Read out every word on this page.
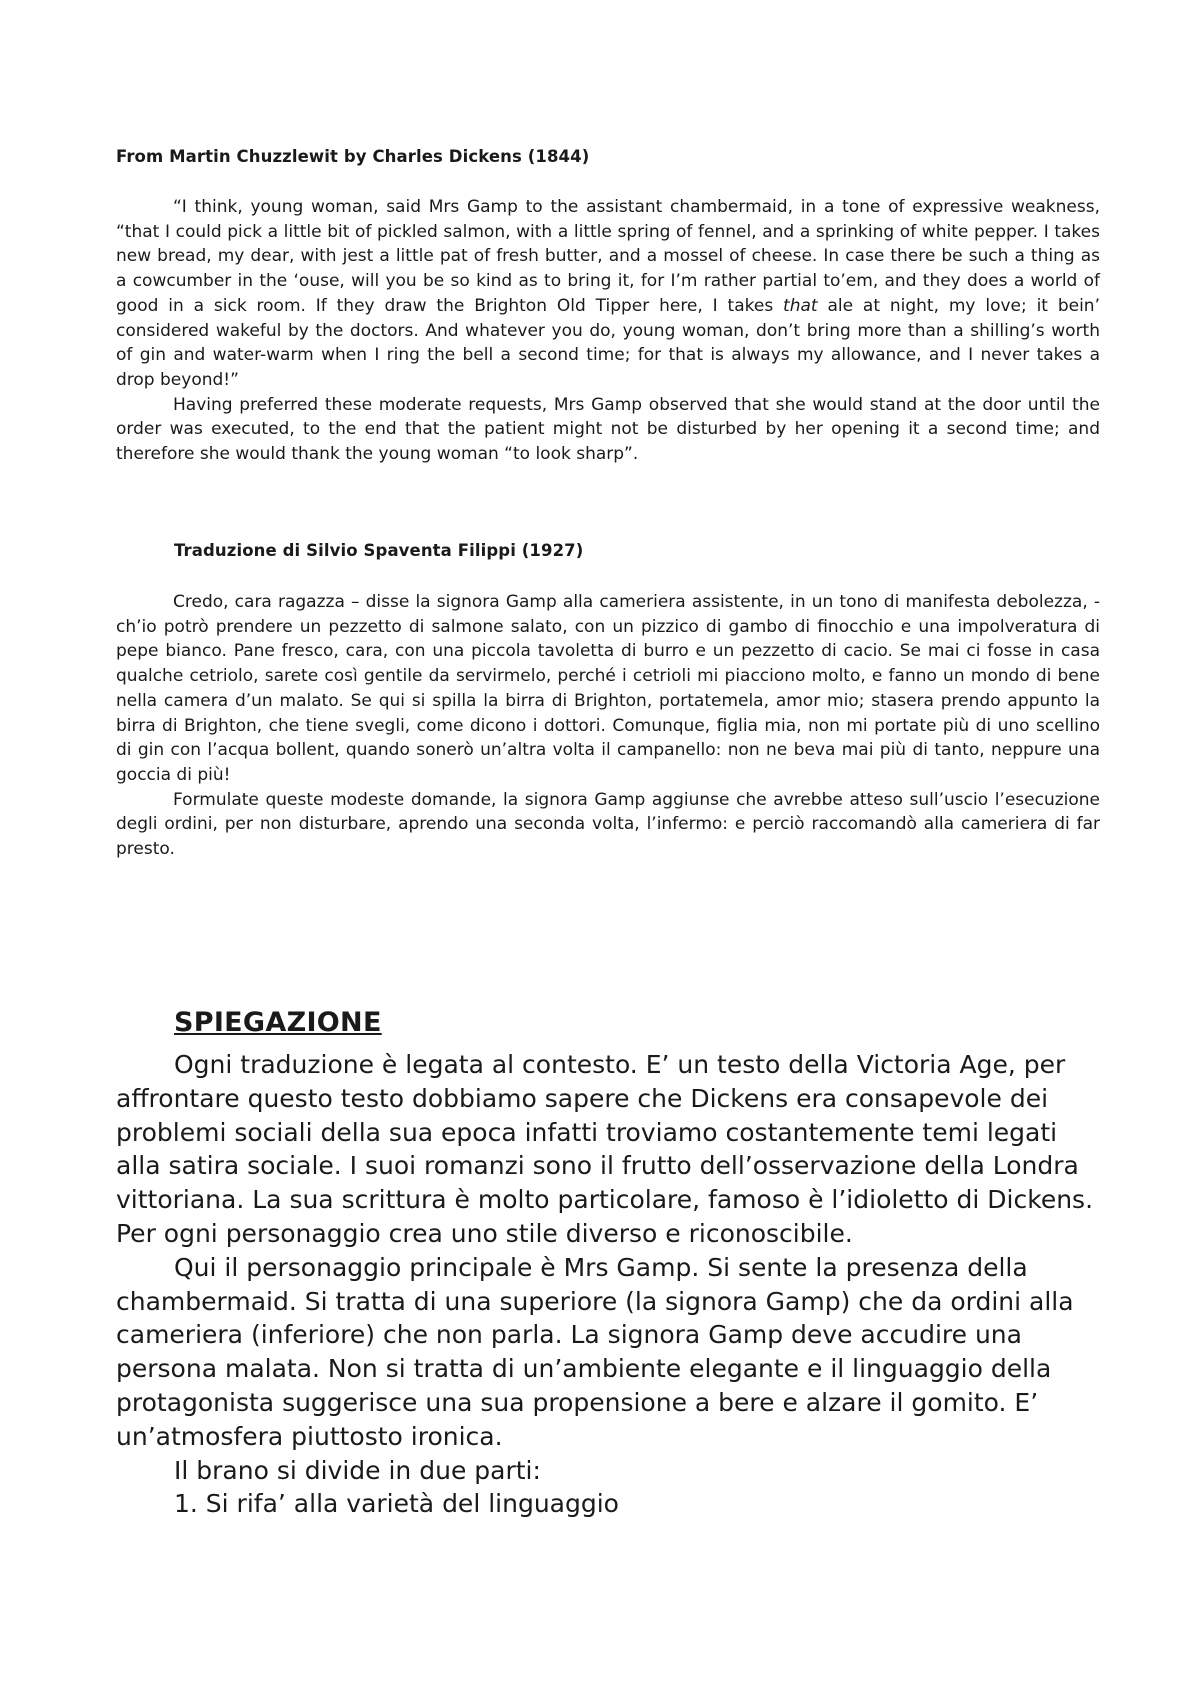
From Martin Chuzzlewit by Charles Dickens (1844)

“I think, young woman, said Mrs Gamp to the assistant chambermaid, in a tone of expressive weakness, “that I could pick a little bit of pickled salmon, with a little spring of fennel, and a sprinking of white pepper. I takes new bread, my dear, with jest a little pat of fresh butter, and a mossel of cheese. In case there be such a thing as a cowcumber in the ‘ouse, will you be so kind as to bring it, for I’m rather partial to’em, and they does a world of good in a sick room. If they draw the Brighton Old Tipper here, I takes that ale at night, my love; it bein’ considered wakeful by the doctors. And whatever you do, young woman, don’t bring more than a shilling’s worth of gin and water-warm when I ring the bell a second time; for that is always my allowance, and I never takes a drop beyond!”

Having preferred these moderate requests, Mrs Gamp observed that she would stand at the door until the order was executed, to the end that the patient might not be disturbed by her opening it a second time; and therefore she would thank the young woman “to look sharp”.

Traduzione di Silvio Spaventa Filippi (1927)

Credo, cara ragazza – disse la signora Gamp alla cameriera assistente, in un tono di manifesta debolezza, - ch’io potrò prendere un pezzetto di salmone salato, con un pizzico di gambo di finocchio e una impolveratura di pepe bianco. Pane fresco, cara, con una piccola tavoletta di burro e un pezzetto di cacio. Se mai ci fosse in casa qualche cetriolo, sarete così gentile da servirmelo, perché i cetrioli mi piacciono molto, e fanno un mondo di bene nella camera d’un malato. Se qui si spilla la birra di Brighton, portatemela, amor mio; stasera prendo appunto la birra di Brighton, che tiene svegli, come dicono i dottori. Comunque, figlia mia, non mi portate più di uno scellino di gin con l’acqua bollent, quando sonerò un’altra volta il campanello: non ne beva mai più di tanto, neppure una goccia di più!

Formulate queste modeste domande, la signora Gamp aggiunse che avrebbe atteso sull’uscio l’esecuzione degli ordini, per non disturbare, aprendo una seconda volta, l’infermo: e perciò raccomandò alla cameriera di far presto.

SPIEGAZIONE

Ogni traduzione è legata al contesto. E’ un testo della Victoria Age, per affrontare questo testo dobbiamo sapere che Dickens era consapevole dei problemi sociali della sua epoca infatti troviamo costantemente temi legati alla satira sociale. I suoi romanzi sono il frutto dell’osservazione della Londra vittoriana. La sua scrittura è molto particolare, famoso è l’idioletto di Dickens. Per ogni personaggio crea uno stile diverso e riconoscibile.

Qui il personaggio principale è Mrs Gamp. Si sente la presenza della chambermaid. Si tratta di una superiore (la signora Gamp) che da ordini alla cameriera (inferiore) che non parla. La signora Gamp deve accudire una persona malata. Non si tratta di un’ambiente elegante e il linguaggio della protagonista suggerisce una sua propensione a bere e alzare il gomito. E’ un’atmosfera piuttosto ironica.

Il brano si divide in due parti:

1. Si rifa’ alla varietà del linguaggio
